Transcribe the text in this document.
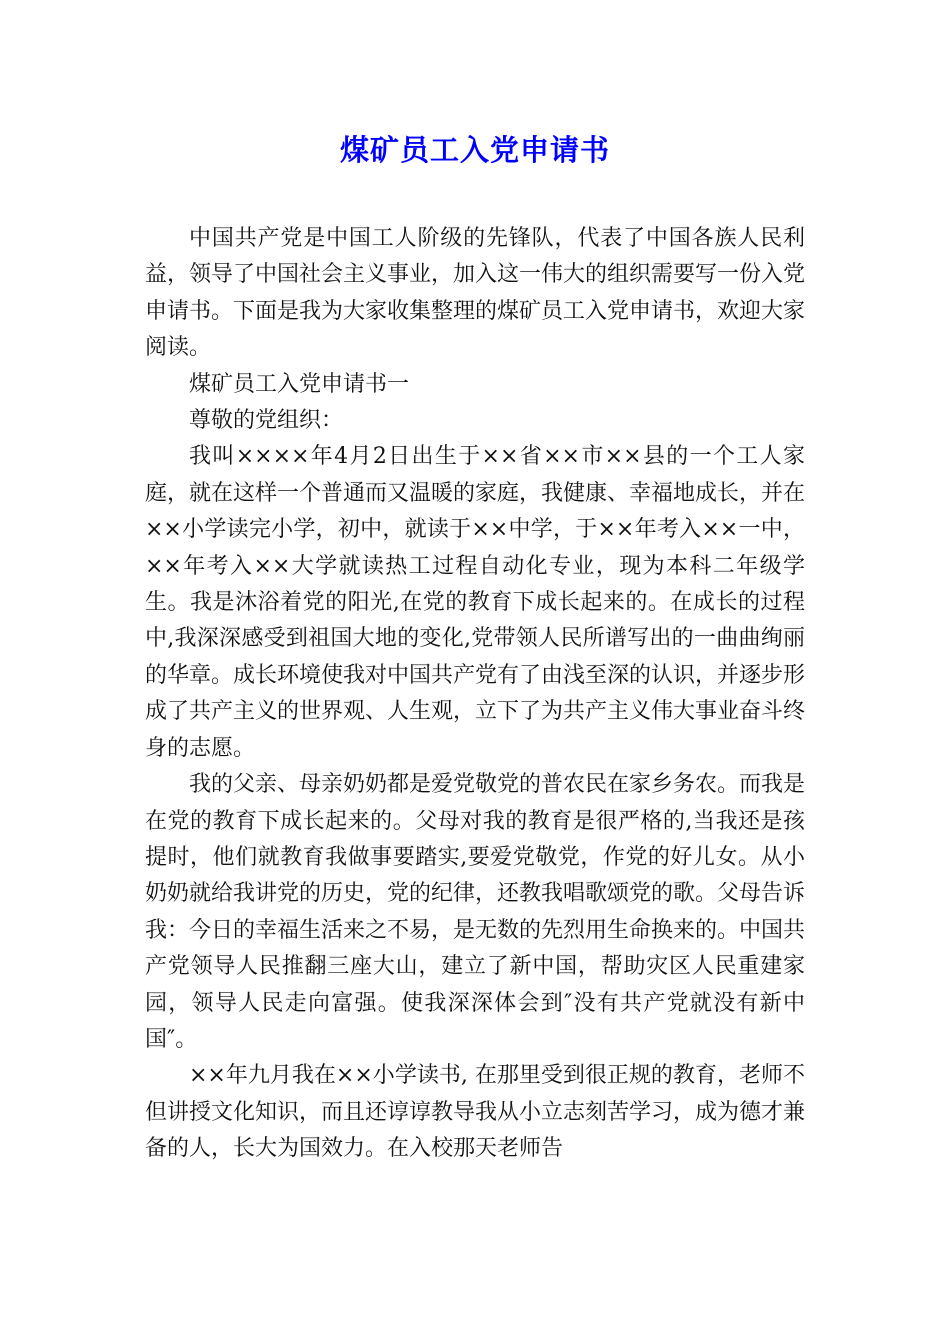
煤矿员工入党申请书

中国共产党是中国工人阶级的先锋队，代表了中国各族人民利益，领导了中国社会主义事业，加入这一伟大的组织需要写一份入党申请书。下面是我为大家收集整理的煤矿员工入党申请书，欢迎大家阅读。

煤矿员工入党申请书一

尊敬的党组织：

我叫××××年4月2日出生于××省××市××县的一个工人家庭，就在这样一个普通而又温暖的家庭，我健康、幸福地成长，并在××小学读完小学，初中，就读于××中学，于××年考入××一中，××年考入××大学就读热工过程自动化专业，现为本科二年级学生。我是沐浴着党的阳光,在党的教育下成长起来的。在成长的过程中,我深深感受到祖国大地的变化,党带领人民所谱写出的一曲曲绚丽的华章。成长环境使我对中国共产党有了由浅至深的认识，并逐步形成了共产主义的世界观、人生观，立下了为共产主义伟大事业奋斗终身的志愿。

我的父亲、母亲奶奶都是爱党敬党的普农民在家乡务农。而我是在党的教育下成长起来的。父母对我的教育是很严格的,当我还是孩提时，他们就教育我做事要踏实,要爱党敬党，作党的好儿女。从小奶奶就给我讲党的历史，党的纪律，还教我唱歌颂党的歌。父母告诉我：今日的幸福生活来之不易，是无数的先烈用生命换来的。中国共产党领导人民推翻三座大山，建立了新中国，帮助灾区人民重建家园，领导人民走向富强。使我深深体会到″没有共产党就没有新中国″。

××年九月我在××小学读书, 在那里受到很正规的教育，老师不但讲授文化知识，而且还谆谆教导我从小立志刻苦学习，成为德才兼备的人，长大为国效力。在入校那天老师告
